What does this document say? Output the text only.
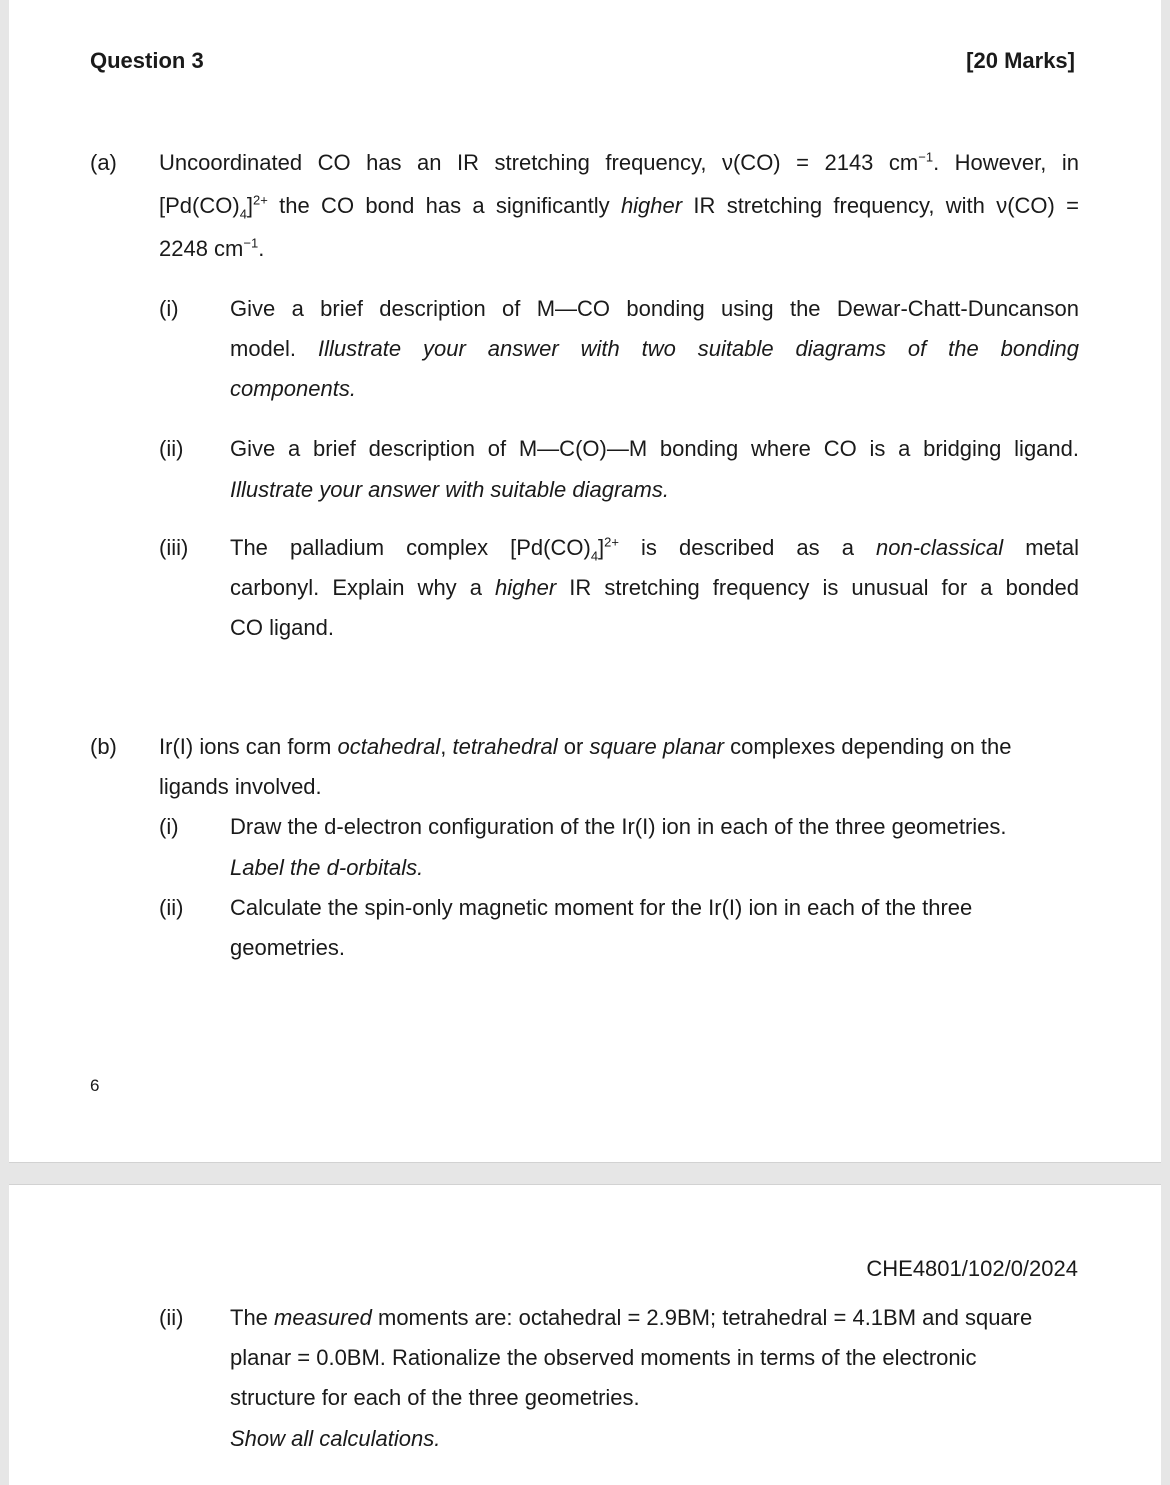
Question 3	[20 Marks]
(a) Uncoordinated CO has an IR stretching frequency, ν(CO) = 2143 $cm^{-1}$. However, in
$[Pd(CO)_4]^{2+}$ the CO bond has a significantly higher IR stretching frequency, with ν(CO) =
2248 $cm^{-1}$.
(i) Give a brief description of M—CO bonding using the Dewar-Chatt-Duncanson
model. Illustrate your answer with two suitable diagrams of the bonding
components.
(ii) Give a brief description of M—C(O)—M bonding where CO is a bridging ligand.
Illustrate your answer with suitable diagrams.
(iii) The palladium complex $[Pd(CO)_4]^{2+}$ is described as a non-classical metal
carbonyl. Explain why a higher IR stretching frequency is unusual for a bonded
CO ligand.
(b) Ir(I) ions can form octahedral, tetrahedral or square planar complexes depending on the
ligands involved.
(i) Draw the d-electron configuration of the Ir(I) ion in each of the three geometries.
Label the d-orbitals.
(ii) Calculate the spin-only magnetic moment for the Ir(I) ion in each of the three
geometries.
6
CHE4801/102/0/2024
(ii) The measured moments are: octahedral = 2.9BM; tetrahedral = 4.1BM and square
planar = 0.0BM. Rationalize the observed moments in terms of the electronic
structure for each of the three geometries.
Show all calculations.
